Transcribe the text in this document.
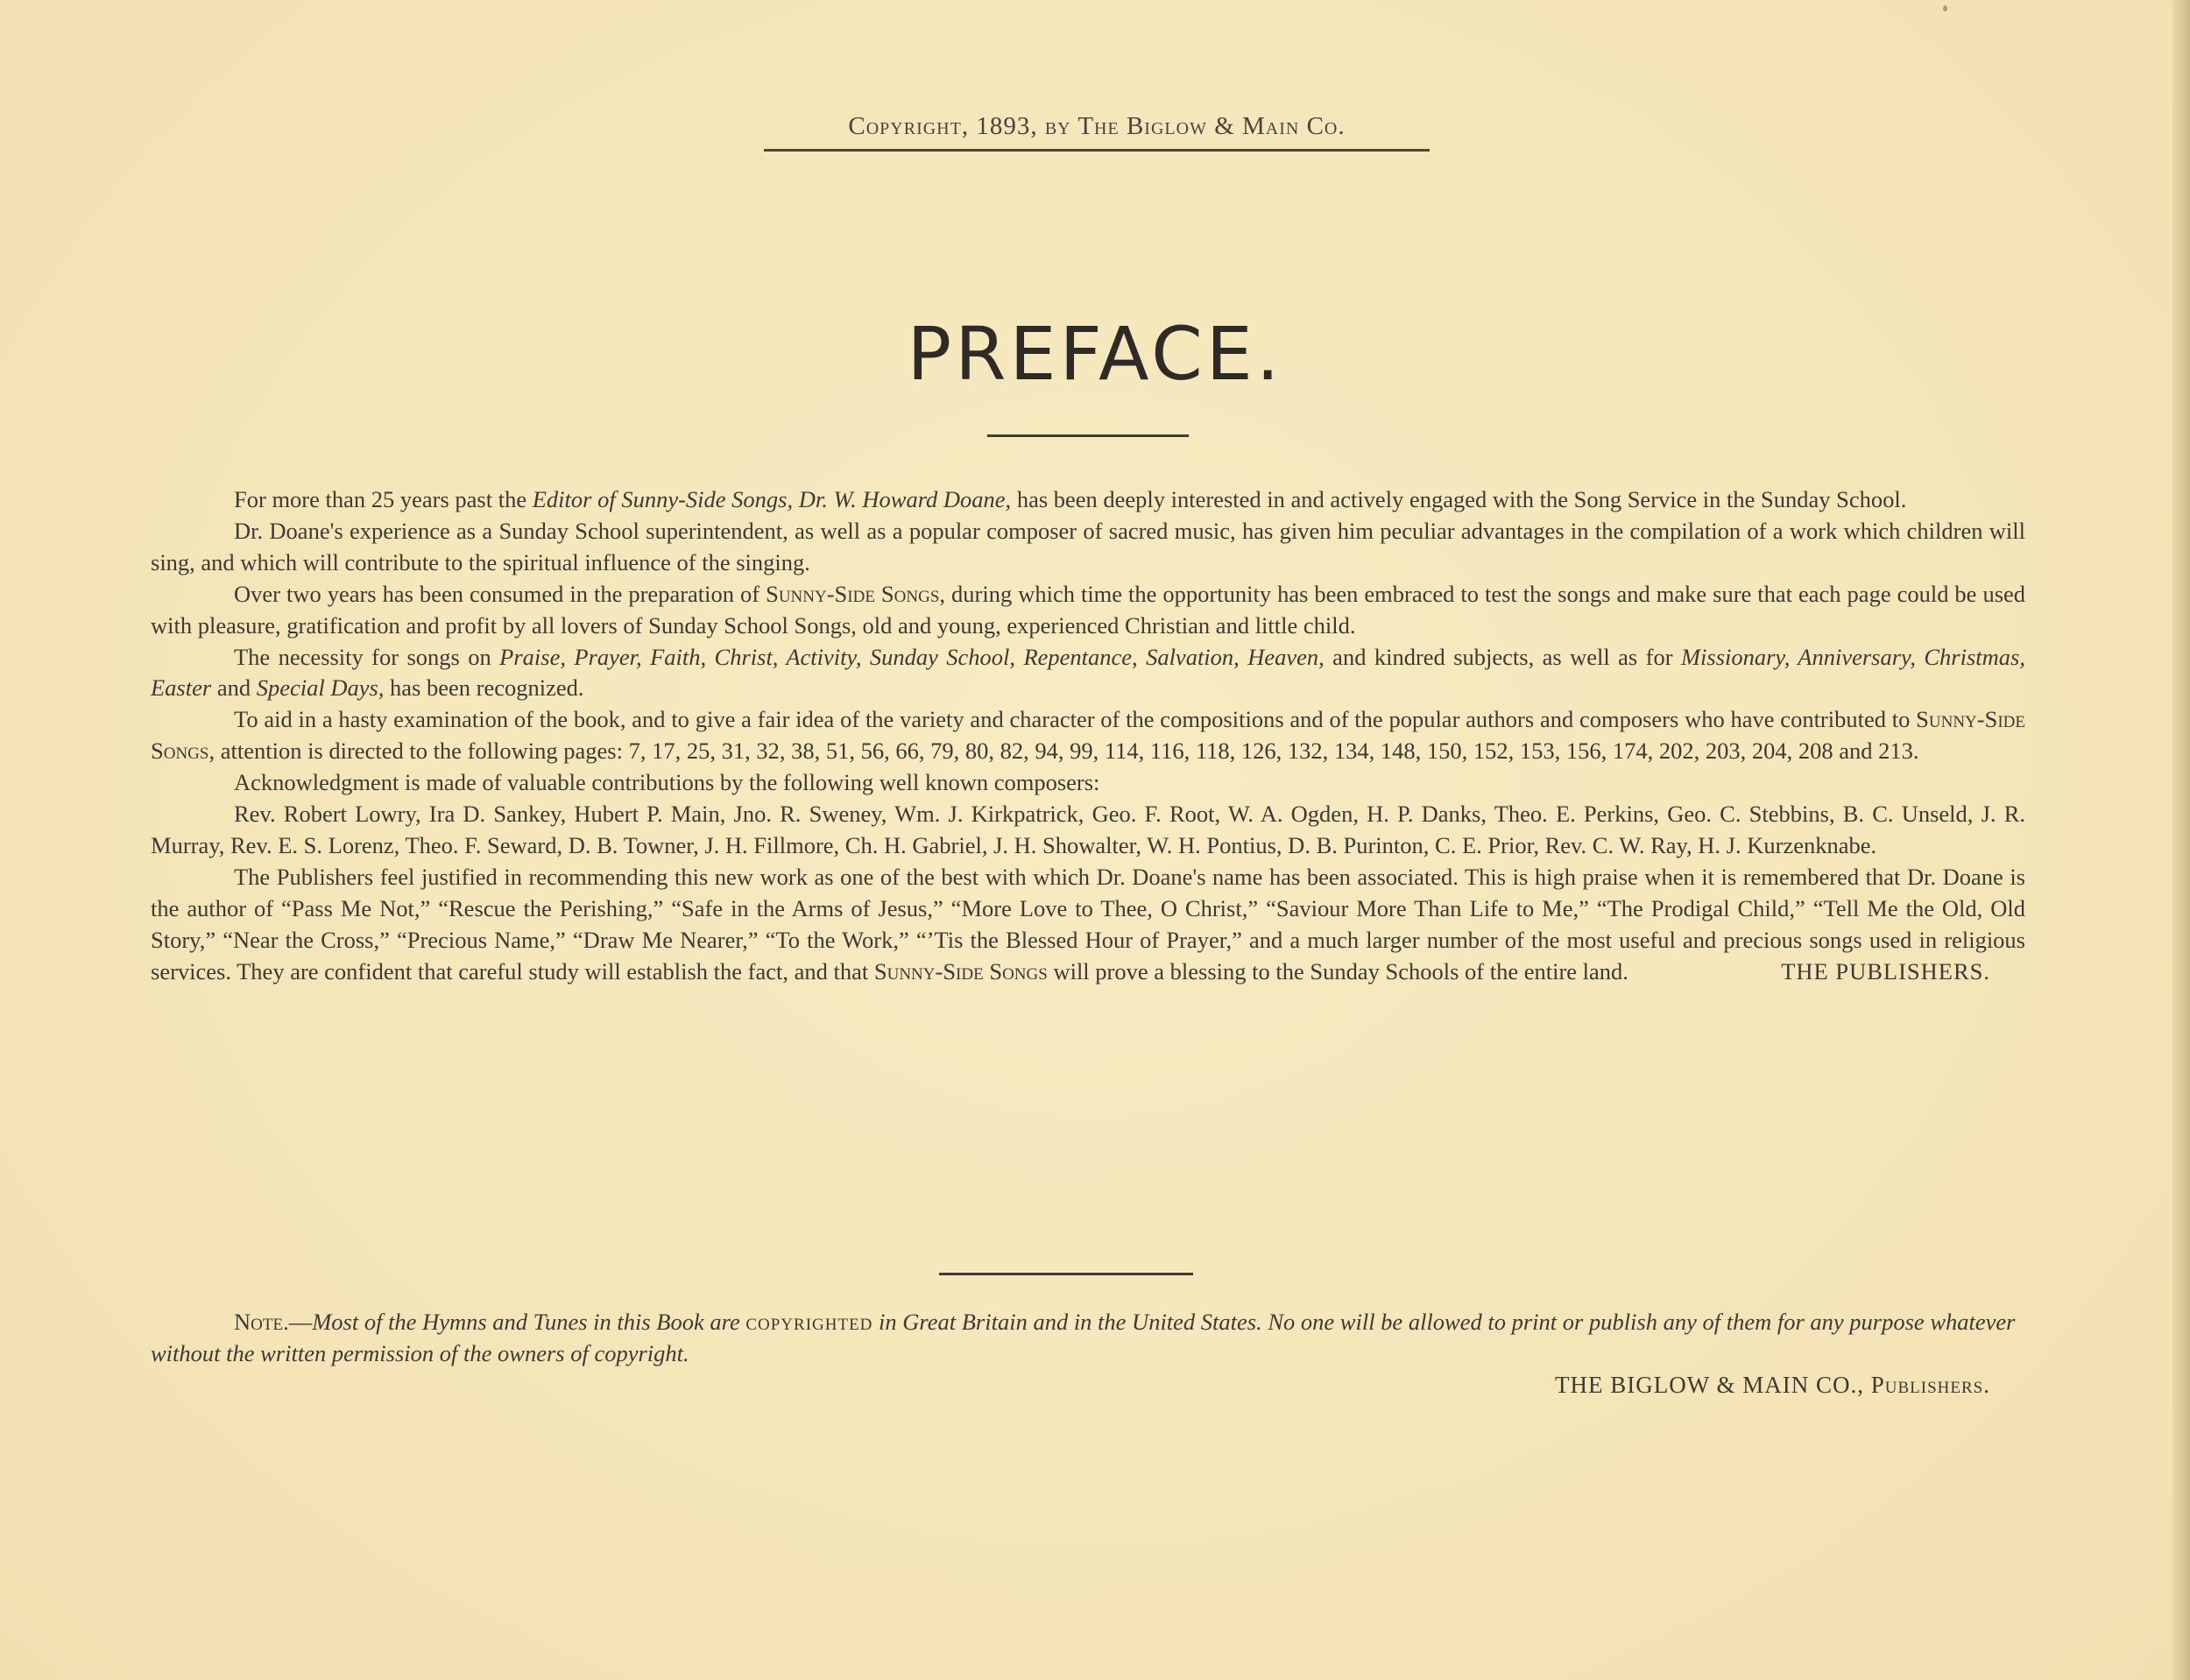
Copyright, 1893, by The Biglow & Main Co.
PREFACE.

For more than 25 years past the Editor of Sunny-Side Songs, Dr. W. Howard Doane, has been deeply interested in and actively engaged with the Song Service in the Sunday School.

Dr. Doane's experience as a Sunday School superintendent, as well as a popular composer of sacred music, has given him peculiar advantages in the compilation of a work which children will sing, and which will contribute to the spiritual influence of the singing.

Over two years has been consumed in the preparation of Sunny-Side Songs, during which time the opportunity has been embraced to test the songs and make sure that each page could be used with pleasure, gratification and profit by all lovers of Sunday School Songs, old and young, experienced Christian and little child.

The necessity for songs on Praise, Prayer, Faith, Christ, Activity, Sunday School, Repentance, Salvation, Heaven, and kindred subjects, as well as for Missionary, Anniversary, Christmas, Easter and Special Days, has been recognized.

To aid in a hasty examination of the book, and to give a fair idea of the variety and character of the compositions and of the popular authors and composers who have contributed to Sunny-Side Songs, attention is directed to the following pages: 7, 17, 25, 31, 32, 38, 51, 56, 66, 79, 80, 82, 94, 99, 114, 116, 118, 126, 132, 134, 148, 150, 152, 153, 156, 174, 202, 203, 204, 208 and 213.

Acknowledgment is made of valuable contributions by the following well known composers:

Rev. Robert Lowry, Ira D. Sankey, Hubert P. Main, Jno. R. Sweney, Wm. J. Kirkpatrick, Geo. F. Root, W. A. Ogden, H. P. Danks, Theo. E. Perkins, Geo. C. Stebbins, B. C. Unseld, J. R. Murray, Rev. E. S. Lorenz, Theo. F. Seward, D. B. Towner, J. H. Fillmore, Ch. H. Gabriel, J. H. Showalter, W. H. Pontius, D. B. Purinton, C. E. Prior, Rev. C. W. Ray, H. J. Kurzenknabe.

The Publishers feel justified in recommending this new work as one of the best with which Dr. Doane's name has been associated. This is high praise when it is remembered that Dr. Doane is the author of “Pass Me Not,” “Rescue the Perishing,” “Safe in the Arms of Jesus,” “More Love to Thee, O Christ,” “Saviour More Than Life to Me,” “The Prodigal Child,” “Tell Me the Old, Old Story,” “Near the Cross,” “Precious Name,” “Draw Me Nearer,” “To the Work,” “’Tis the Blessed Hour of Prayer,” and a much larger number of the most useful and precious songs used in religious services. They are confident that careful study will establish the fact, and that Sunny-Side Songs will prove a blessing to the Sunday Schools of the entire land.	THE PUBLISHERS.

Note.—Most of the Hymns and Tunes in this Book are copyrighted in Great Britain and in the United States. No one will be allowed to print or publish any of them for any purpose whatever without the written permission of the owners of copyright.

THE BIGLOW & MAIN CO., Publishers.
